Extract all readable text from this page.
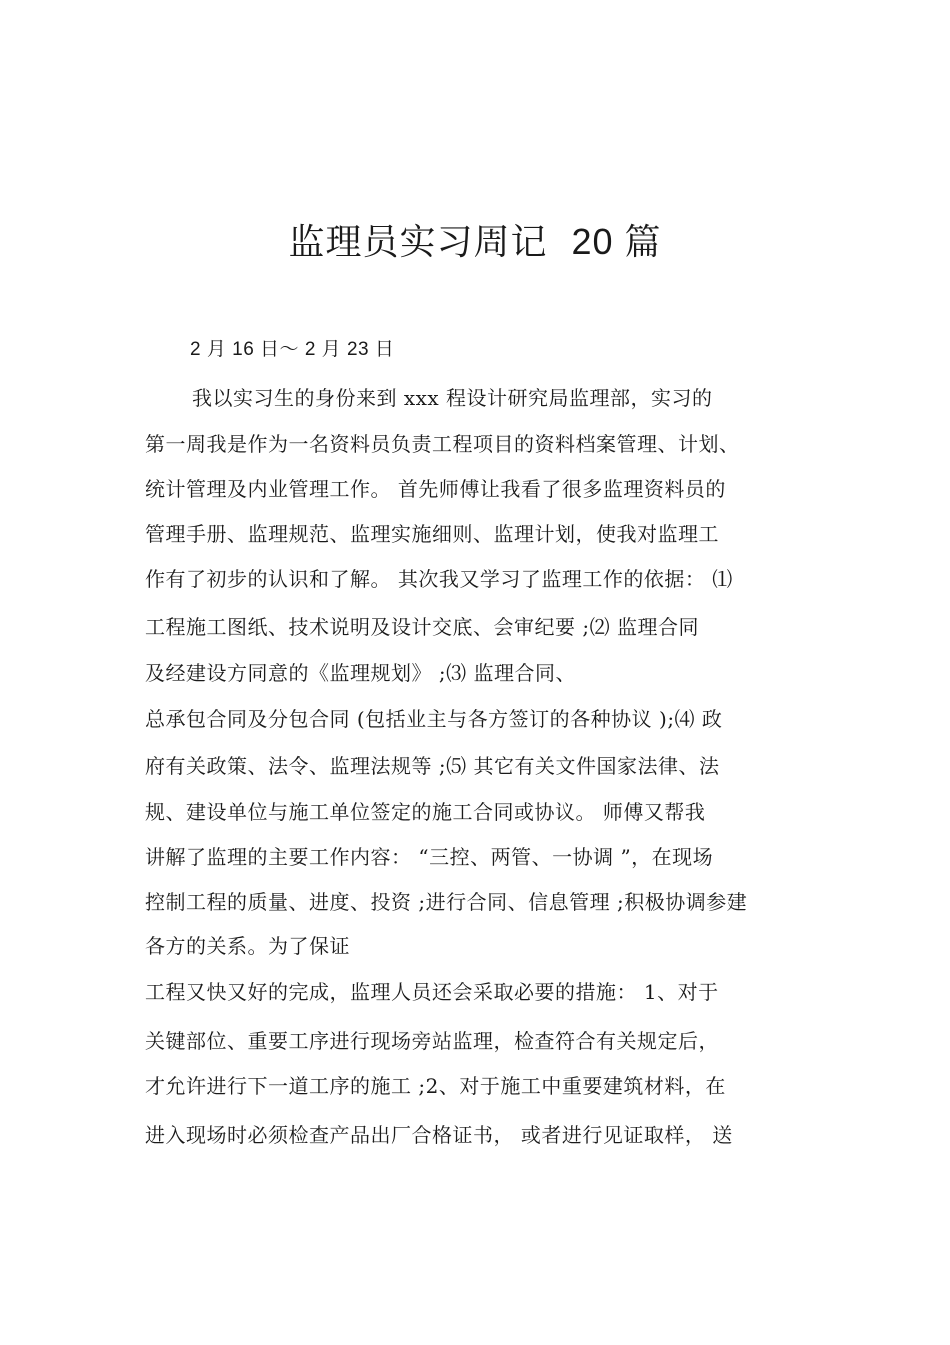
监理员实习周记 20 篇
2 月 16 日～ 2 月 23 日
我以实习生的身份来到 xxx 程设计研究局监理部，实习的
第一周我是作为一名资料员负责工程项目的资料档案管理、计划、
统计管理及内业管理工作。 首先师傅让我看了很多监理资料员的
管理手册、监理规范、监理实施细则、监理计划，使我对监理工
作有了初步的认识和了解。 其次我又学习了监理工作的依据： ⑴
工程施工图纸、技术说明及设计交底、会审纪要 ;⑵ 监理合同
及经建设方同意的《监理规划》 ;⑶ 监理合同、
总承包合同及分包合同 (包括业主与各方签订的各种协议 );⑷ 政
府有关政策、法令、监理法规等 ;⑸ 其它有关文件国家法律、法
规、建设单位与施工单位签定的施工合同或协议。 师傅又帮我
讲解了监理的主要工作内容： “三控、两管、一协调 ”，在现场
控制工程的质量、进度、投资 ;进行合同、信息管理 ;积极协调参建
各方的关系。为了保证
工程又快又好的完成，监理人员还会采取必要的措施： 1、对于
关键部位、重要工序进行现场旁站监理，检查符合有关规定后，
才允许进行下一道工序的施工 ;2、对于施工中重要建筑材料，在
进入现场时必须检查产品出厂合格证书， 或者进行见证取样， 送
